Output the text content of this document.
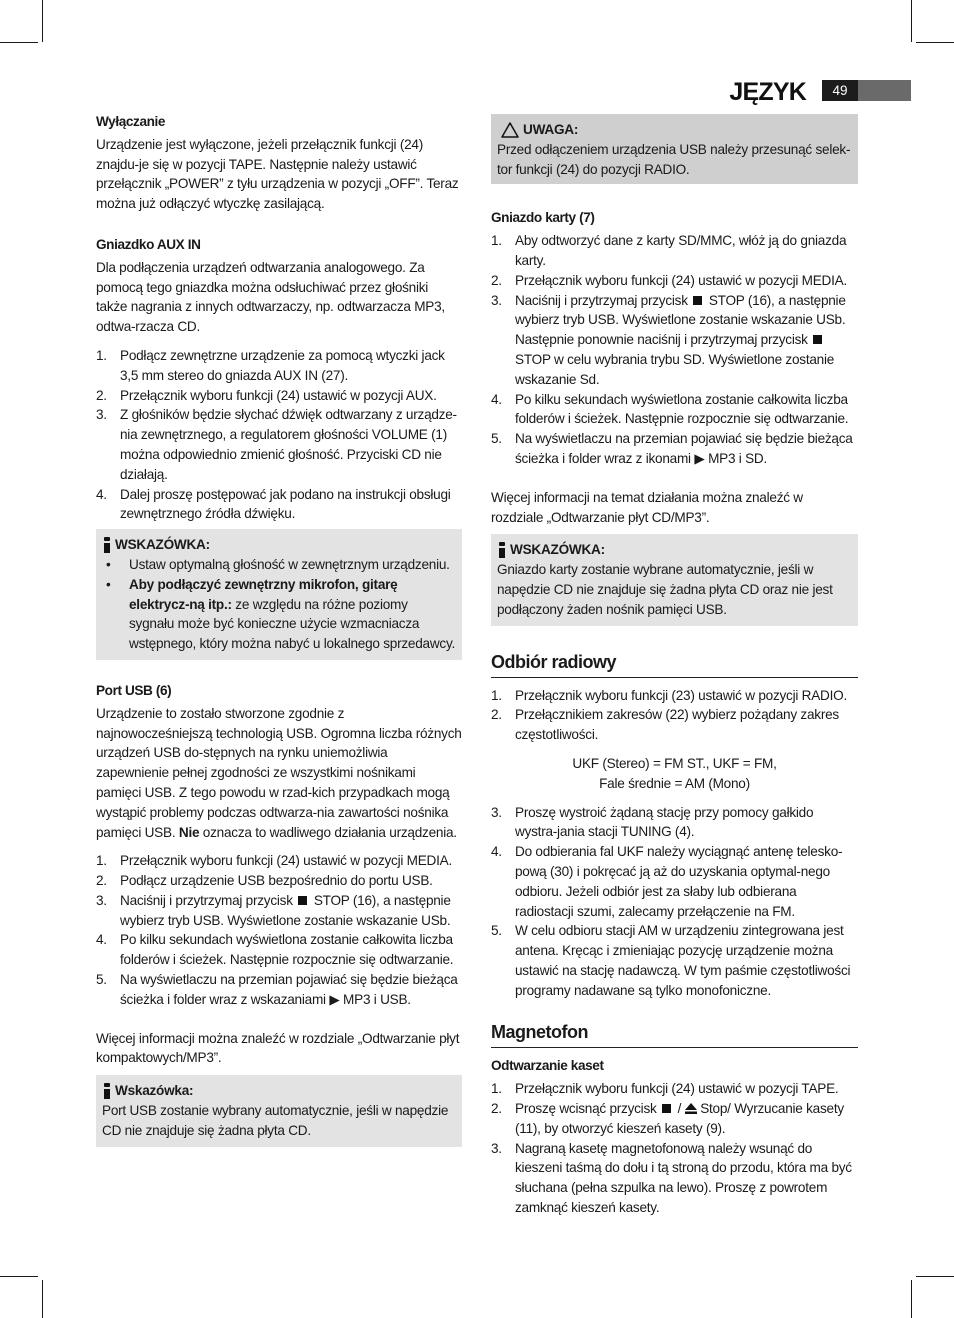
JĘZYK	49
Wyłączanie
Urządzenie jest wyłączone, jeżeli przełącznik funkcji (24) znajdu-je się w pozycji TAPE. Następnie należy ustawić przełącznik „POWER” z tyłu urządzenia w pozycji „OFF”. Teraz można już odłączyć wtyczkę zasilającą.
Gniazdko AUX IN
Dla podłączenia urządzeń odtwarzania analogowego. Za pomocą tego gniazdka można odsłuchiwać przez głośniki także nagrania z innych odtwarzaczy, np. odtwarzacza MP3, odtwa-rzacza CD.
1. Podłącz zewnętrzne urządzenie za pomocą wtyczki jack 3,5 mm stereo do gniazda AUX IN (27).
2. Przełącznik wyboru funkcji (24) ustawić w pozycji AUX.
3. Z głośników będzie słychać dźwięk odtwarzany z urządze-nia zewnętrznego, a regulatorem głośności VOLUME (1) można odpowiednio zmienić głośność. Przyciski CD nie działają.
4. Dalej proszę postępować jak podano na instrukcji obsługi zewnętrznego źródła dźwięku.
WSKAZÓWKA:
•	Ustaw optymalną głośność w zewnętrznym urządzeniu.
•	Aby podłączyć zewnętrzny mikrofon, gitarę elektrycz-ną itp.: ze względu na różne poziomy sygnału może być konieczne użycie wzmacniacza wstępnego, który można nabyć u lokalnego sprzedawcy.
Port USB (6)
Urządzenie to zostało stworzone zgodnie z najnowocześniejszą technologią USB. Ogromna liczba różnych urządzeń USB do-stępnych na rynku uniemożliwia zapewnienie pełnej zgodności ze wszystkimi nośnikami pamięci USB. Z tego powodu w rzad-kich przypadkach mogą wystąpić problemy podczas odtwarza-nia zawartości nośnika pamięci USB. Nie oznacza to wadliwego działania urządzenia.
1. Przełącznik wyboru funkcji (24) ustawić w pozycji MEDIA.
2. Podłącz urządzenie USB bezpośrednio do portu USB.
3. Naciśnij i przytrzymaj przycisk  STOP (16), a następnie wybierz tryb USB. Wyświetlone zostanie wskazanie USb.
4. Po kilku sekundach wyświetlona zostanie całkowita liczba folderów i ścieżek. Następnie rozpocznie się odtwarzanie.
5. Na wyświetlaczu na przemian pojawiać się będzie bieżąca ścieżka i folder wraz z wskazaniami ▶ MP3 i USB.
Więcej informacji można znaleźć w rozdziale „Odtwarzanie płyt kompaktowych/MP3”.
Wskazówka:
Port USB zostanie wybrany automatycznie, jeśli w napędzie CD nie znajduje się żadna płyta CD.
UWAGA:
Przed odłączeniem urządzenia USB należy przesunąć selek-tor funkcji (24) do pozycji RADIO.
Gniazdo karty (7)
1. Aby odtworzyć dane z karty SD/MMC, włóż ją do gniazda karty.
2. Przełącznik wyboru funkcji (24) ustawić w pozycji MEDIA.
3. Naciśnij i przytrzymaj przycisk  STOP (16), a następnie wybierz tryb USB. Wyświetlone zostanie wskazanie USb. Następnie ponownie naciśnij i przytrzymaj przycisk  STOP w celu wybrania trybu SD. Wyświetlone zostanie wskazanie Sd.
4. Po kilku sekundach wyświetlona zostanie całkowita liczba folderów i ścieżek. Następnie rozpocznie się odtwarzanie.
5. Na wyświetlaczu na przemian pojawiać się będzie bieżąca ścieżka i folder wraz z ikonami ▶ MP3 i SD.
Więcej informacji na temat działania można znaleźć w rozdziale „Odtwarzanie płyt CD/MP3”.
WSKAZÓWKA:
Gniazdo karty zostanie wybrane automatycznie, jeśli w napędzie CD nie znajduje się żadna płyta CD oraz nie jest podłączony żaden nośnik pamięci USB.
Odbiór radiowy
1. Przełącznik wyboru funkcji (23) ustawić w pozycji RADIO.
2. Przełącznikiem zakresów (22) wybierz pożądany zakres częstotliwości.
UKF (Stereo) = FM ST., UKF = FM,
Fale średnie = AM (Mono)
3. Proszę wystroić żądaną stację przy pomocy gałkido wystra-jania stacji TUNING (4).
4. Do odbierania fal UKF należy wyciągnąć antenę telesko-pową (30) i pokręcać ją aż do uzyskania optymal-nego odbioru. Jeżeli odbiór jest za słaby lub odbierana radiostacji szumi, zalecamy przełączenie na FM.
5. W celu odbioru stacji AM w urządzeniu zintegrowana jest antena. Kręcąc i zmieniając pozycję urządzenie można ustawić na stację nadawczą. W tym paśmie częstotliwości programy nadawane są tylko monofoniczne.
Magnetofon
Odtwarzanie kaset
1. Przełącznik wyboru funkcji (24) ustawić w pozycji TAPE.
2. Proszę wcisnąć przycisk  /  Stop/ Wyrzucanie kasety (11), by otworzyć kieszeń kasety (9).
3. Nagraną kasetę magnetofonową należy wsunąć do kieszeni taśmą do dołu i tą stroną do przodu, która ma być słuchana (pełna szpulka na lewo). Proszę z powrotem zamknąć kieszeń kasety.
